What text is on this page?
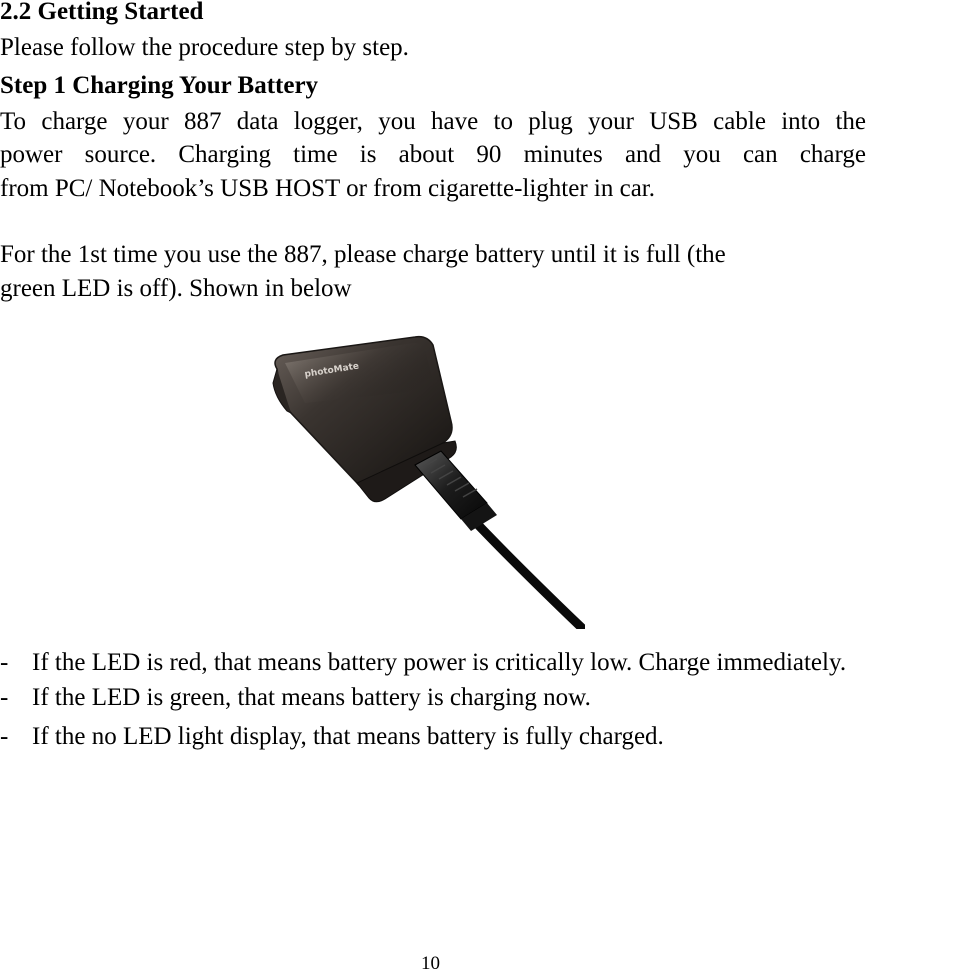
2.2 Getting Started
Please follow the procedure step by step.
Step 1 Charging Your Battery
To charge your 887 data logger, you have to plug your USB cable into the
power source. Charging time is about 90 minutes and you can charge
from PC/ Notebook’s USB HOST or from cigarette-lighter in car.
For the 1st time you use the 887, please charge battery until it is full (the
green LED is off). Shown in below
photoMate
- If the LED is red, that means battery power is critically low. Charge immediately.
- If the LED is green, that means battery is charging now.
- If the no LED light display, that means battery is fully charged.
10
